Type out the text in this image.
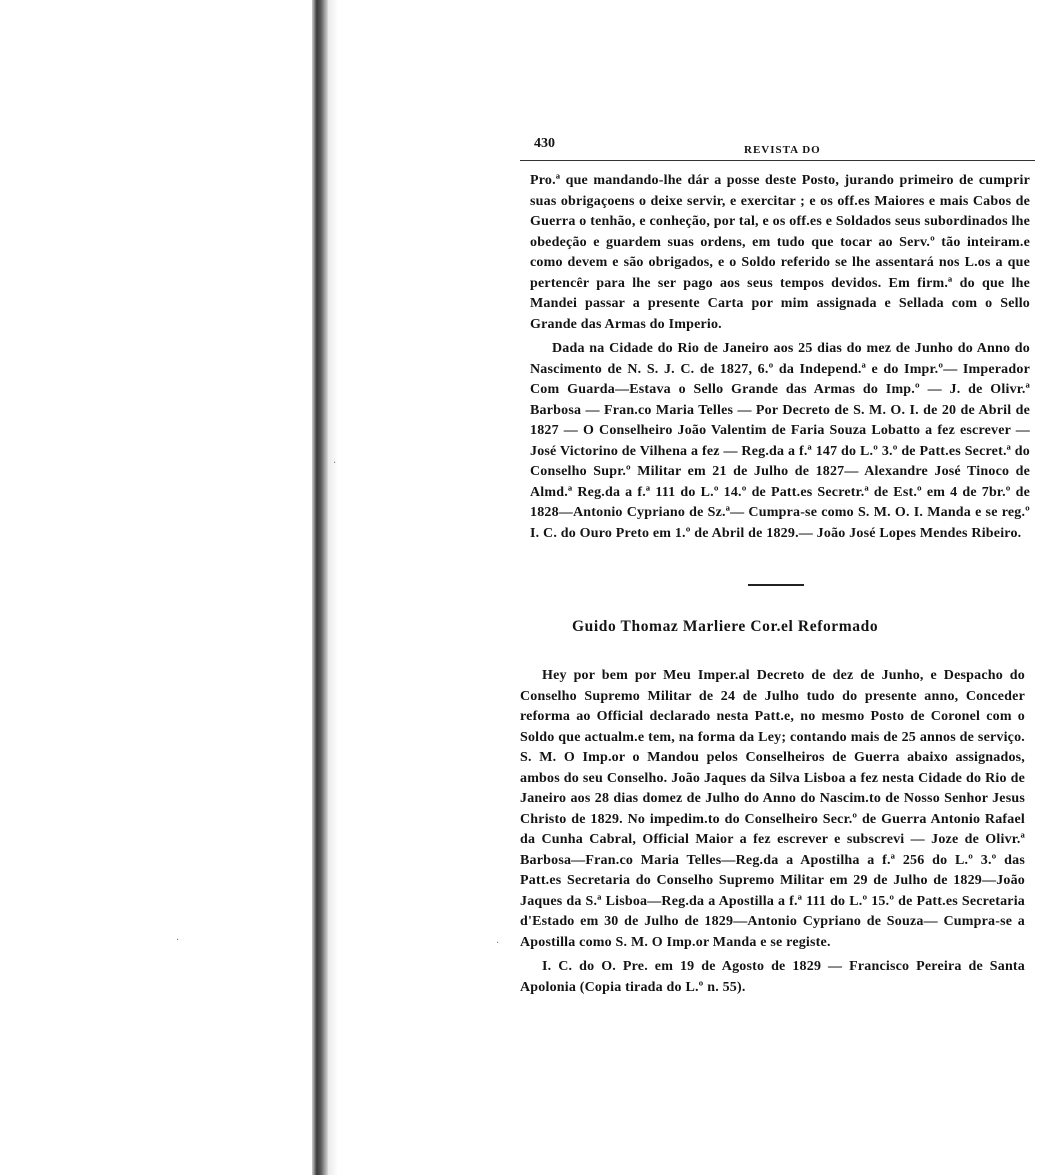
·
·	·
430	REVISTA DO

Pro.ª que mandando-lhe dár a posse deste Posto, jurando primeiro de cumprir suas obrigaçoens o deixe servir, e exercitar ; e os off.es Maiores e mais Cabos de Guerra o tenhão, e conheção, por tal, e os off.es e Soldados seus subordinados lhe obedeção e guardem suas ordens, em tudo que tocar ao Serv.º tão inteiram.e como devem e são obrigados, e o Soldo referido se lhe assentará nos L.os a que pertencêr para lhe ser pago aos seus tempos devidos. Em firm.ª do que lhe Mandei passar a presente Carta por mim assignada e Sellada com o Sello Grande das Armas do Imperio.

Dada na Cidade do Rio de Janeiro aos 25 dias do mez de Junho do Anno do Nascimento de N. S. J. C. de 1827, 6.º da Independ.ª e do Impr.º— Imperador Com Guarda—Estava o Sello Grande das Armas do Imp.º — J. de Olivr.ª Barbosa — Fran.co Maria Telles — Por Decreto de S. M. O. I. de 20 de Abril de 1827 — O Conselheiro João Valentim de Faria Souza Lobatto a fez escrever — José Victorino de Vilhena a fez — Reg.da a f.ª 147 do L.º 3.º de Patt.es Secret.ª do Conselho Supr.º Militar em 21 de Julho de 1827— Alexandre José Tinoco de Almd.ª Reg.da a f.ª 111 do L.º 14.º de Patt.es Secretr.ª de Est.º em 4 de 7br.º de 1828—Antonio Cypriano de Sz.ª— Cumpra-se como S. M. O. I. Manda e se reg.º I. C. do Ouro Preto em 1.º de Abril de 1829.— João José Lopes Mendes Ribeiro.

Guido Thomaz Marliere Cor.el Reformado

Hey por bem por Meu Imper.al Decreto de dez de Junho, e Despacho do Conselho Supremo Militar de 24 de Julho tudo do presente anno, Conceder reforma ao Official declarado nesta Patt.e, no mesmo Posto de Coronel com o Soldo que actualm.e tem, na forma da Ley; contando mais de 25 annos de serviço. S. M. O Imp.or o Mandou pelos Conselheiros de Guerra abaixo assignados, ambos do seu Conselho. João Jaques da Silva Lisboa a fez nesta Cidade do Rio de Janeiro aos 28 dias domez de Julho do Anno do Nascim.to de Nosso Senhor Jesus Christo de 1829. No impedim.to do Conselheiro Secr.º de Guerra Antonio Rafael da Cunha Cabral, Official Maior a fez escrever e subscrevi — Joze de Olivr.ª Barbosa—Fran.co Maria Telles—Reg.da a Apostilha a f.ª 256 do L.º 3.º das Patt.es Secretaria do Conselho Supremo Militar em 29 de Julho de 1829—João Jaques da S.ª Lisboa—Reg.da a Apostilla a f.ª 111 do L.º 15.º de Patt.es Secretaria d'Estado em 30 de Julho de 1829—Antonio Cypriano de Souza— Cumpra-se a Apostilla como S. M. O Imp.or Manda e se registe.

I. C. do O. Pre. em 19 de Agosto de 1829 — Francisco Pereira de Santa Apolonia (Copia tirada do L.º n. 55).
